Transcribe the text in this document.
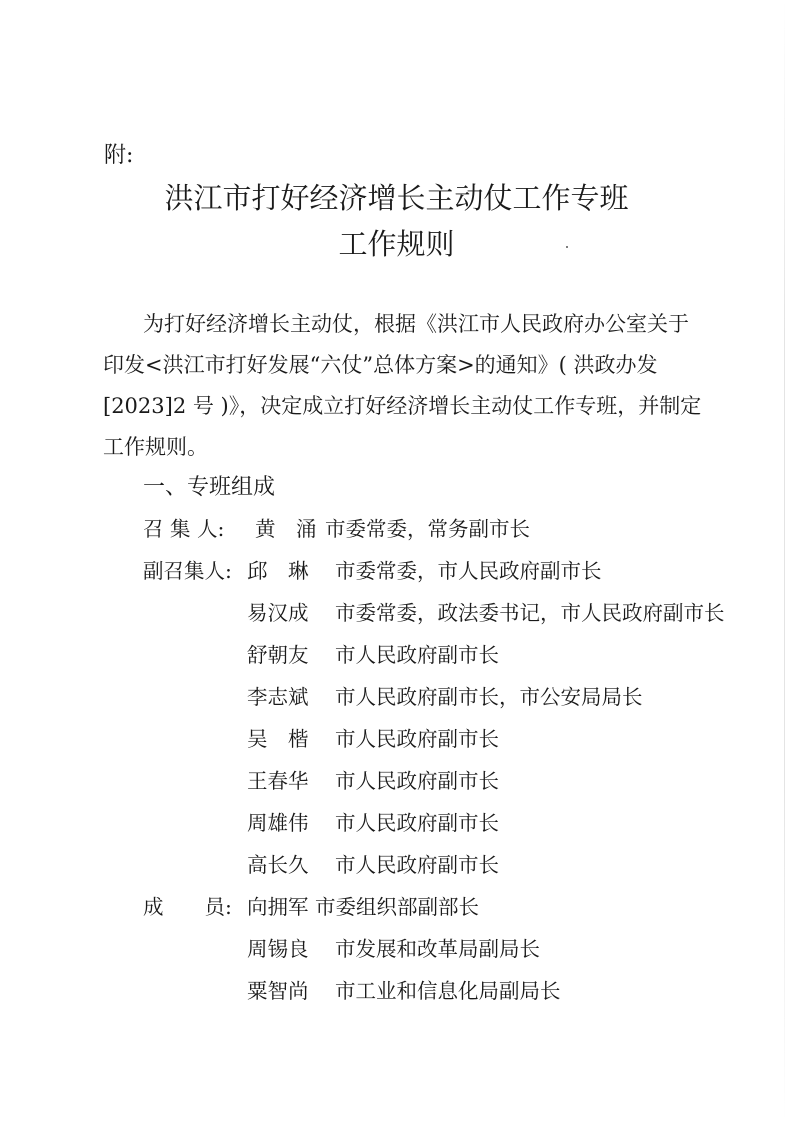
附:
洪江市打好经济增长主动仗工作专班
工作规则
为打好经济增长主动仗，根据《洪江市人民政府办公室关于
印发<洪江市打好发展“六仗”总体方案>的通知》( 洪政办发
[2023]2 号 )》，决定成立打好经济增长主动仗工作专班，并制定
工作规则。
一、专班组成
召 集 人: 黄　涌 市委常委，常务副市长
副召集人: 邱　琳 市委常委，市人民政府副市长
易汉成 市委常委，政法委书记，市人民政府副市长
舒朝友 市人民政府副市长
李志斌 市人民政府副市长，市公安局局长
吴　楷 市人民政府副市长
王春华 市人民政府副市长
周雄伟 市人民政府副市长
高长久 市人民政府副市长
成　　员: 向拥军 市委组织部副部长
周锡良 市发展和改革局副局长
粟智尚 市工业和信息化局副局长
